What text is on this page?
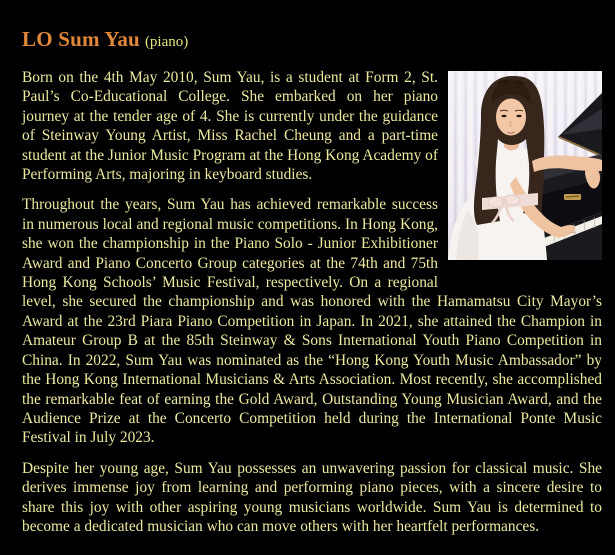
LO Sum Yau (piano)

Born on the 4th May 2010, Sum Yau, is a student at Form 2, St. Paul’s Co-Educational College. She embarked on her piano journey at the tender age of 4. She is currently under the guidance of Steinway Young Artist, Miss Rachel Cheung and a part-time student at the Junior Music Program at the Hong Kong Academy of Performing Arts, majoring in keyboard studies.

Throughout the years, Sum Yau has achieved remarkable success in numerous local and regional music competitions. In Hong Kong, she won the championship in the Piano Solo - Junior Exhibitioner Award and Piano Concerto Group categories at the 74th and 75th Hong Kong Schools’ Music Festival, respectively. On a regional level, she secured the championship and was honored with the Hamamatsu City Mayor’s Award at the 23rd Piara Piano Competition in Japan. In 2021, she attained the Champion in Amateur Group B at the 85th Steinway & Sons International Youth Piano Competition in China. In 2022, Sum Yau was nominated as the “Hong Kong Youth Music Ambassador” by the Hong Kong International Musicians & Arts Association. Most recently, she accomplished the remarkable feat of earning the Gold Award, Outstanding Young Musician Award, and the Audience Prize at the Concerto Competition held during the International Ponte Music Festival in July 2023.

Despite her young age, Sum Yau possesses an unwavering passion for classical music. She derives immense joy from learning and performing piano pieces, with a sincere desire to share this joy with other aspiring young musicians worldwide. Sum Yau is determined to become a dedicated musician who can move others with her heartfelt performances.
